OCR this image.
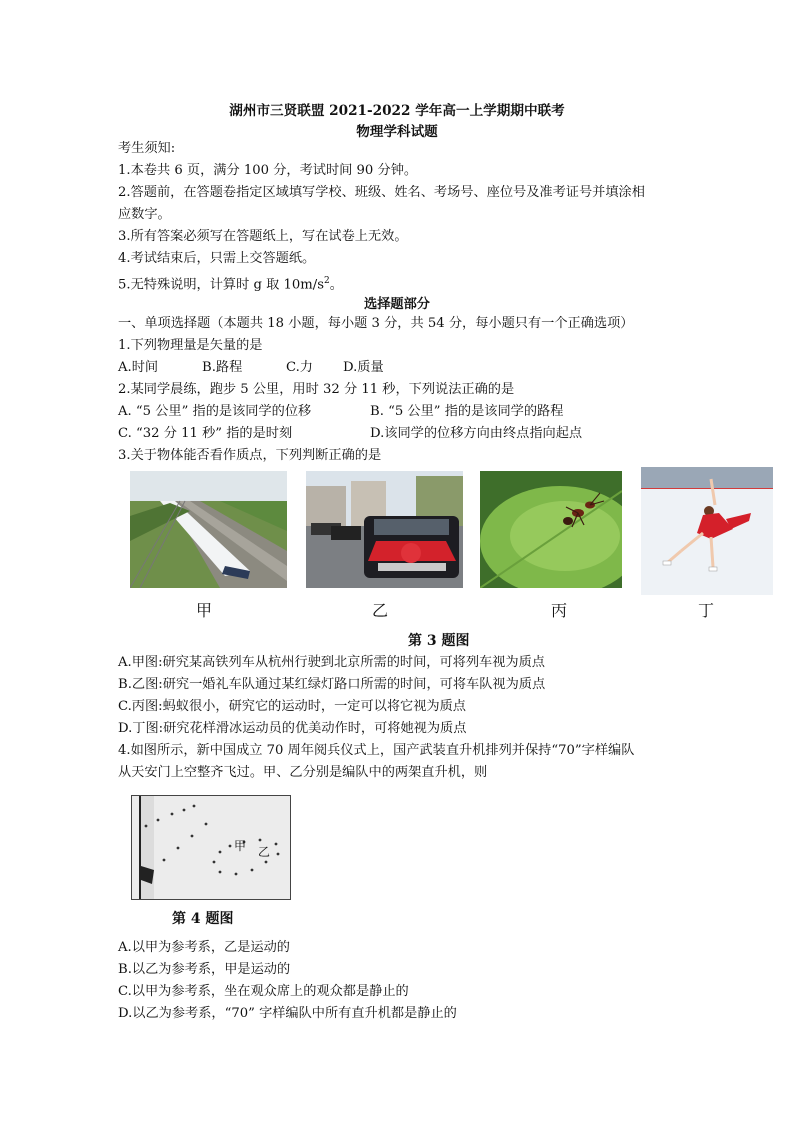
湖州市三贤联盟 2021-2022 学年高一上学期期中联考
物理学科试题
考生须知:
1.本卷共 6 页，满分 100 分，考试时间 90 分钟。
2.答题前，在答题卷指定区域填写学校、班级、姓名、考场号、座位号及准考证号并填涂相
应数字。
3.所有答案必须写在答题纸上，写在试卷上无效。
4.考试结束后，只需上交答题纸。
5.无特殊说明，计算时 g 取 $10m/s^2$。
选择题部分
一、单项选择题（本题共 18 小题，每小题 3 分，共 54 分，每小题只有一个正确选项）
1.下列物理量是矢量的是
A.时间	B.路程	C.力 D.质量
2.某同学晨练，跑步 5 公里，用时 32 分 11 秒，下列说法正确的是
A. “5 公里” 指的是该同学的位移	B. “5 公里” 指的是该同学的路程
C. “32 分 11 秒” 指的是时刻	D.该同学的位移方向由终点指向起点
3.关于物体能否看作质点，下列判断正确的是
甲	乙	丙	丁
第 3 题图
A.甲图:研究某高铁列车从杭州行驶到北京所需的时间，可将列车视为质点
B.乙图:研究一婚礼车队通过某红绿灯路口所需的时间，可将车队视为质点
C.丙图:蚂蚁很小，研究它的运动时，一定可以将它视为质点
D.丁图:研究花样滑冰运动员的优美动作时，可将她视为质点
4.如图所示，新中国成立 70 周年阅兵仪式上，国产武装直升机排列并保持“70”字样编队
从天安门上空整齐飞过。甲、乙分别是编队中的两架直升机，则
甲 乙
第 4 题图
A.以甲为参考系，乙是运动的
B.以乙为参考系，甲是运动的
C.以甲为参考系，坐在观众席上的观众都是静止的
D.以乙为参考系，“70” 字样编队中所有直升机都是静止的
